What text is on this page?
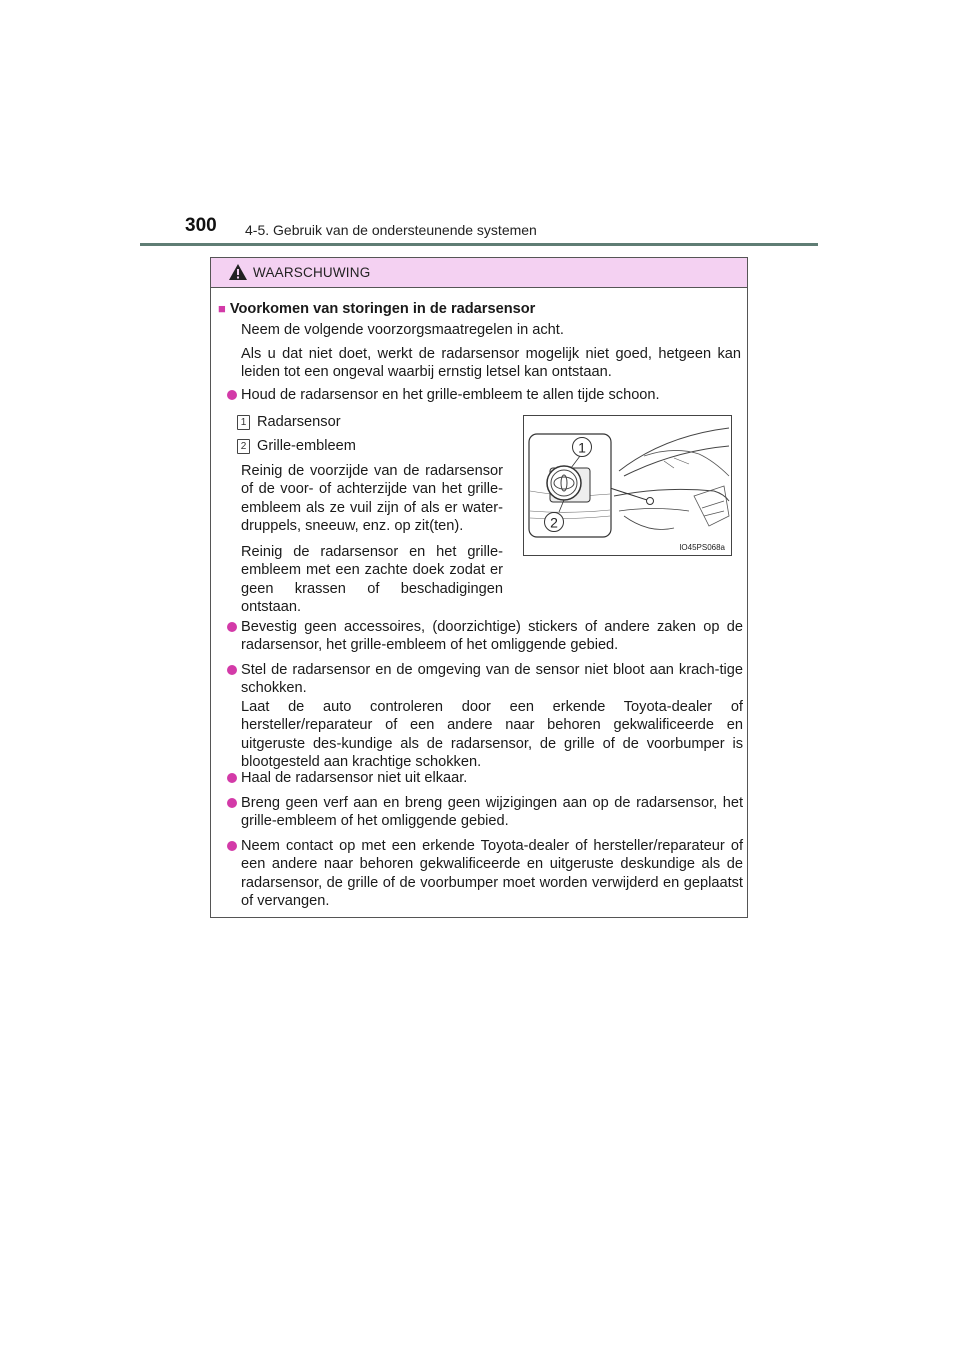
300 4-5. Gebruik van de ondersteunende systemen
WAARSCHUWING
■ Voorkomen van storingen in de radarsensor
Neem de volgende voorzorgsmaatregelen in acht.
Als u dat niet doet, werkt de radarsensor mogelijk niet goed, hetgeen kan leiden tot een ongeval waarbij ernstig letsel kan ontstaan.
Houd de radarsensor en het grille-embleem te allen tijde schoon.
1 Radarsensor
2 Grille-embleem
Reinig de voorzijde van de radarsensor of de voor- of achterzijde van het grille-embleem als ze vuil zijn of als er water-druppels, sneeuw, enz. op zit(ten).
Reinig de radarsensor en het grille-embleem met een zachte doek zodat er geen krassen of beschadigingen ontstaan.
1
2
IO45PS068a
Bevestig geen accessoires, (doorzichtige) stickers of andere zaken op de radarsensor, het grille-embleem of het omliggende gebied.

Stel de radarsensor en de omgeving van de sensor niet bloot aan krach-tige schokken.

Laat de auto controleren door een erkende Toyota-dealer of hersteller/reparateur of een andere naar behoren gekwalificeerde en uitgeruste des-kundige als de radarsensor, de grille of de voorbumper is blootgesteld aan krachtige schokken.

Haal de radarsensor niet uit elkaar.
Breng geen verf aan en breng geen wijzigingen aan op de radarsensor, het grille-embleem of het omliggende gebied.
Neem contact op met een erkende Toyota-dealer of hersteller/reparateur of een andere naar behoren gekwalificeerde en uitgeruste deskundige als de radarsensor, de grille of de voorbumper moet worden verwijderd en geplaatst of vervangen.
